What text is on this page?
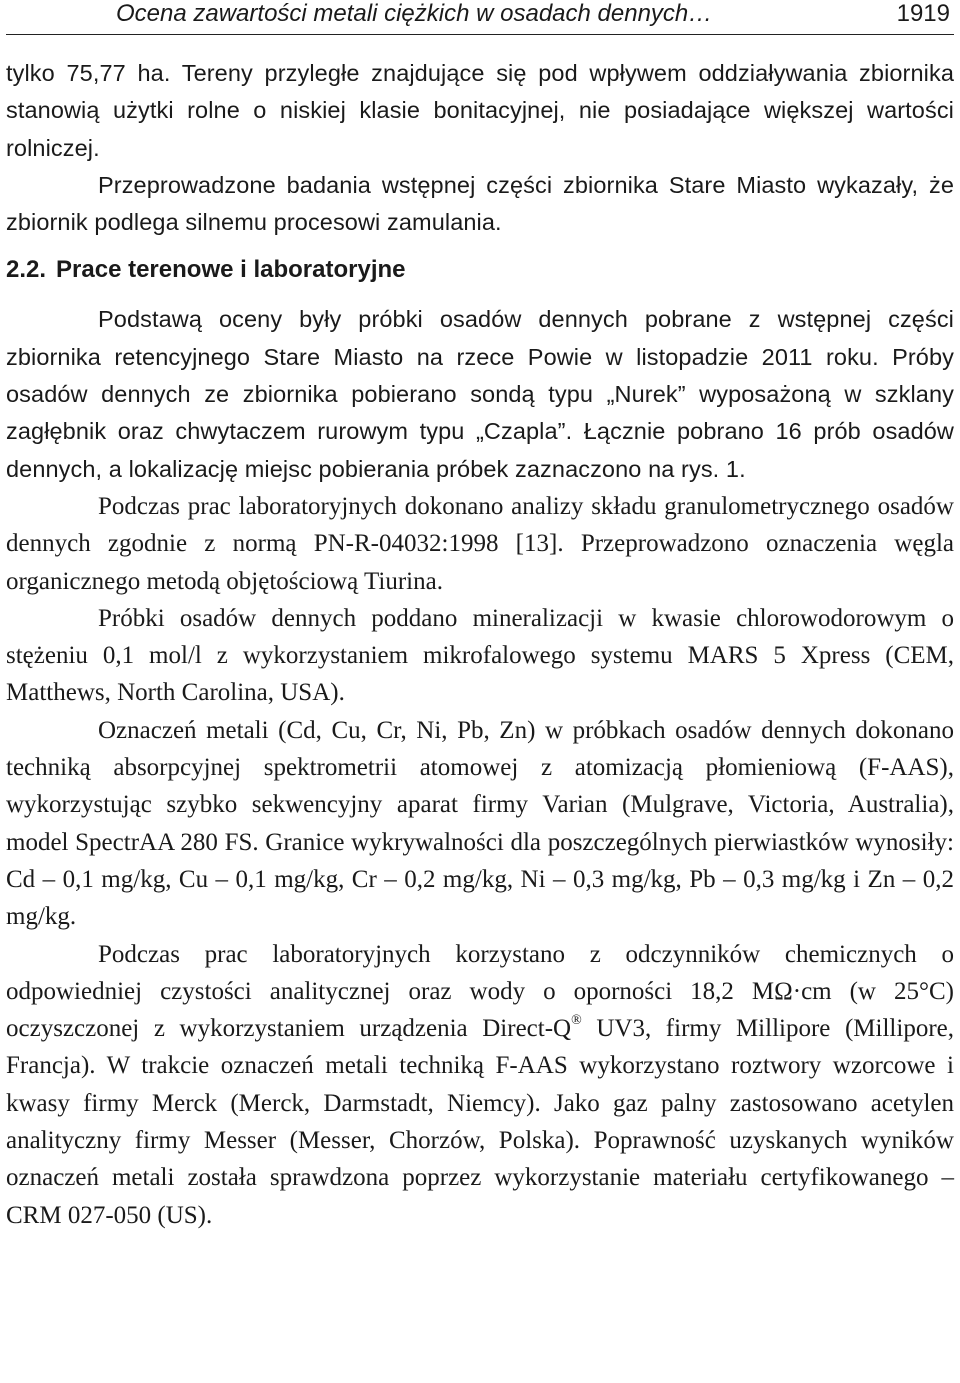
Ocena zawartości metali ciężkich w osadach dennych…	1919

tylko 75,77 ha. Tereny przyległe znajdujące się pod wpływem oddziaływania zbiornika stanowią użytki rolne o niskiej klasie bonitacyjnej, nie posiadające większej wartości rolniczej.

Przeprowadzone badania wstępnej części zbiornika Stare Miasto wykazały, że zbiornik podlega silnemu procesowi zamulania.

2.2. Prace terenowe i laboratoryjne

Podstawą oceny były próbki osadów dennych pobrane z wstępnej części zbiornika retencyjnego Stare Miasto na rzece Powie w listopadzie 2011 roku. Próby osadów dennych ze zbiornika pobierano sondą typu „Nurek” wyposażoną w szklany zagłębnik oraz chwytaczem rurowym typu „Czapla”. Łącznie pobrano 16 prób osadów dennych, a lokalizację miejsc pobierania próbek zaznaczono na rys. 1.

Podczas prac laboratoryjnych dokonano analizy składu granulometrycznego osadów dennych zgodnie z normą PN-R-04032:1998 [13]. Przeprowadzono oznaczenia węgla organicznego metodą objętościową Tiurina.

Próbki osadów dennych poddano mineralizacji w kwasie chlorowodorowym o stężeniu 0,1 mol/l z wykorzystaniem mikrofalowego systemu MARS 5 Xpress (CEM, Matthews, North Carolina, USA).

Oznaczeń metali (Cd, Cu, Cr, Ni, Pb, Zn) w próbkach osadów dennych dokonano techniką absorpcyjnej spektrometrii atomowej z atomizacją płomieniową (F-AAS), wykorzystując szybko sekwencyjny aparat firmy Varian (Mulgrave, Victoria, Australia), model SpectrAA 280 FS. Granice wykrywalności dla poszczególnych pierwiastków wynosiły: Cd – 0,1 mg/kg, Cu – 0,1 mg/kg, Cr – 0,2 mg/kg, Ni – 0,3 mg/kg, Pb – 0,3 mg/kg i Zn – 0,2 mg/kg.

Podczas prac laboratoryjnych korzystano z odczynników chemicznych o odpowiedniej czystości analitycznej oraz wody o oporności 18,2 MΩ·cm (w 25°C) oczyszczonej z wykorzystaniem urządzenia Direct-Q® UV3, firmy Millipore (Millipore, Francja). W trakcie oznaczeń metali techniką F-AAS wykorzystano roztwory wzorcowe i kwasy firmy Merck (Merck, Darmstadt, Niemcy). Jako gaz palny zastosowano acetylen analityczny firmy Messer (Messer, Chorzów, Polska). Poprawność uzyskanych wyników oznaczeń metali została sprawdzona poprzez wykorzystanie materiału certyfikowanego – CRM 027-050 (US).
